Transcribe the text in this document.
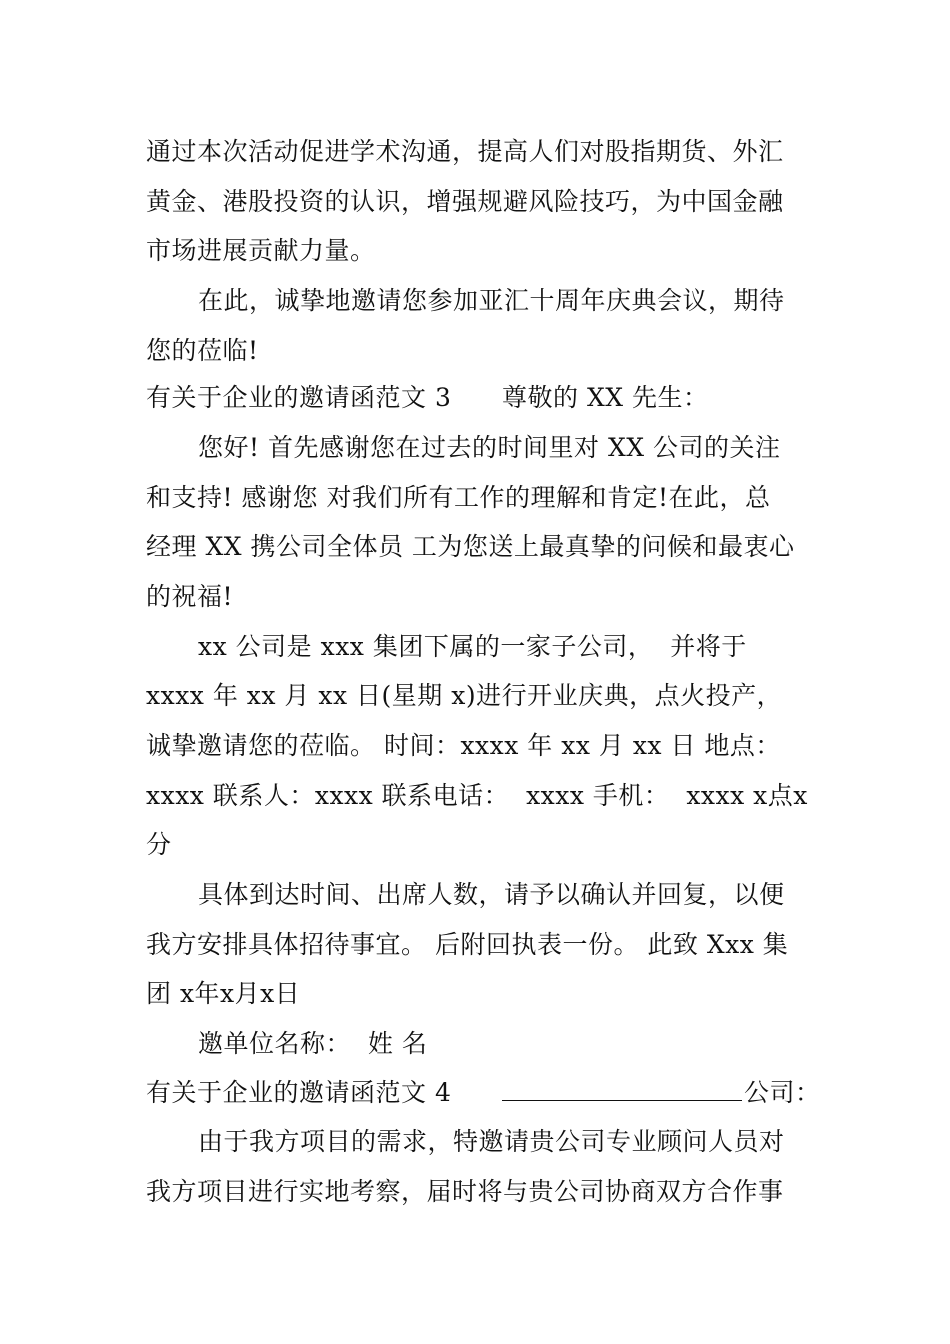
通过本次活动促进学术沟通，提高人们对股指期货、外汇
黄金、港股投资的认识，增强规避风险技巧，为中国金融
市场进展贡献力量。
在此，诚挚地邀请您参加亚汇十周年庆典会议，期待
您的莅临!
有关于企业的邀请函范文 3      尊敬的 XX 先生：
您好! 首先感谢您在过去的时间里对 XX 公司的关注
和支持! 感谢您 对我们所有工作的理解和肯定!在此，总
经理 XX 携公司全体员 工为您送上最真挚的问候和最衷心
的祝福!
xx 公司是 xxx 集团下属的一家子公司，  并将于
xxxx 年 xx 月 xx 日(星期 x)进行开业庆典，点火投产，
诚挚邀请您的莅临。 时间：xxxx 年 xx 月 xx 日 地点：
xxxx 联系人：xxxx 联系电话：  xxxx 手机：  xxxx x点x
分
具体到达时间、出席人数，请予以确认并回复，以便
我方安排具体招待事宜。 后附回执表一份。 此致 Xxx 集
团 x年x月x日
邀单位名称：  姓 名
有关于企业的邀请函范文 4	公司：
由于我方项目的需求，特邀请贵公司专业顾问人员对
我方项目进行实地考察，届时将与贵公司协商双方合作事
